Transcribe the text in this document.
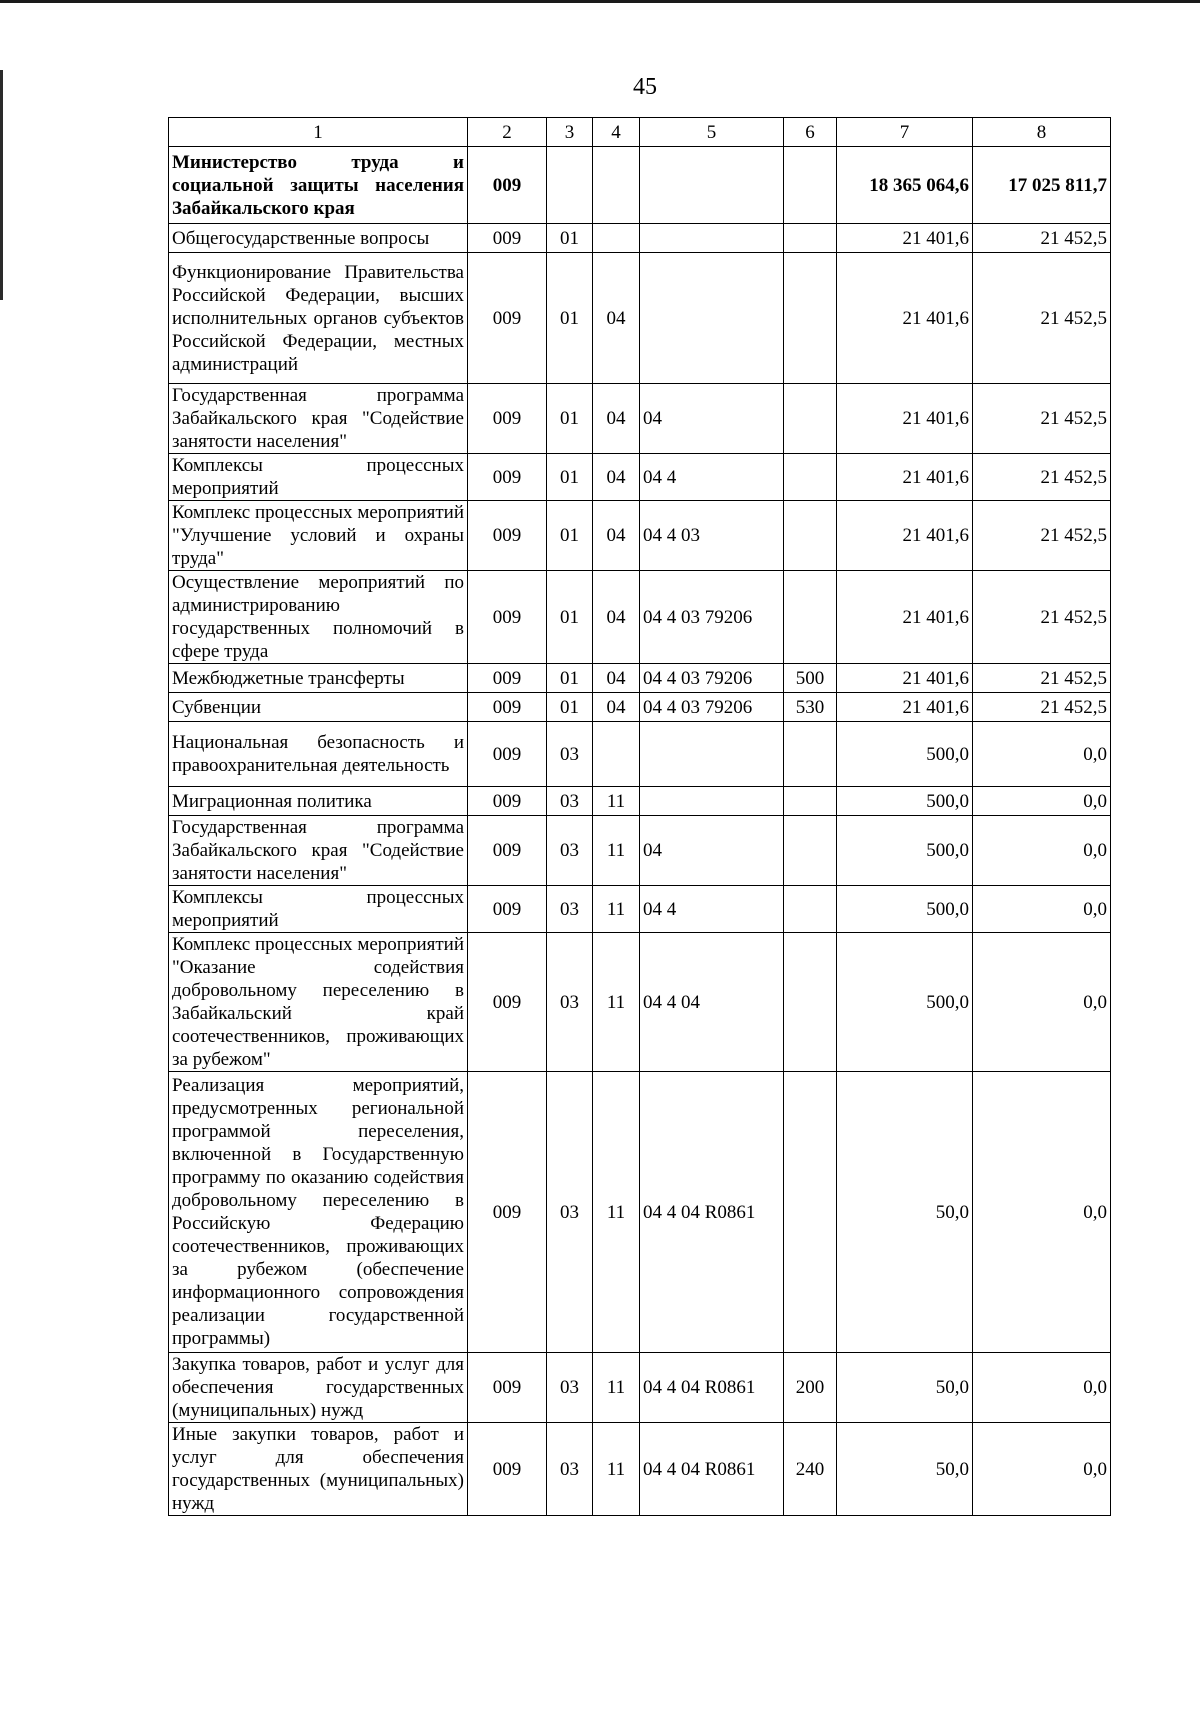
45
1	2	3	4	5	6	7	8
Министерство труда и социальной защиты населения Забайкальского края	009					18 365 064,6	17 025 811,7
Общегосударственные вопросы	009	01				21 401,6	21 452,5
Функционирование Правительства Российской Федерации, высших исполнительных органов субъектов Российской Федерации, местных администраций	009	01	04			21 401,6	21 452,5
Государственная программа Забайкальского края "Содействие занятости населения"	009	01	04	04		21 401,6	21 452,5
Комплексы процессных мероприятий	009	01	04	04 4		21 401,6	21 452,5
Комплекс процессных мероприятий "Улучшение условий и охраны труда"	009	01	04	04 4 03		21 401,6	21 452,5
Осуществление мероприятий по администрированию государственных полномочий в сфере труда	009	01	04	04 4 03 79206		21 401,6	21 452,5
Межбюджетные трансферты	009	01	04	04 4 03 79206	500	21 401,6	21 452,5
Субвенции	009	01	04	04 4 03 79206	530	21 401,6	21 452,5
Национальная безопасность и правоохранительная деятельность	009	03				500,0	0,0
Миграционная политика	009	03	11			500,0	0,0
Государственная программа Забайкальского края "Содействие занятости населения"	009	03	11	04		500,0	0,0
Комплексы процессных мероприятий	009	03	11	04 4		500,0	0,0
Комплекс процессных мероприятий "Оказание содействия добровольному переселению в Забайкальский край соотечественников, проживающих за рубежом"	009	03	11	04 4 04		500,0	0,0
Реализация мероприятий, предусмотренных региональной программой переселения, включенной в Государственную программу по оказанию содействия добровольному переселению в Российскую Федерацию соотечественников, проживающих за рубежом (обеспечение информационного сопровождения реализации государственной программы)	009	03	11	04 4 04 R0861		50,0	0,0
Закупка товаров, работ и услуг для обеспечения государственных (муниципальных) нужд	009	03	11	04 4 04 R0861	200	50,0	0,0
Иные закупки товаров, работ и услуг для обеспечения государственных (муниципальных) нужд	009	03	11	04 4 04 R0861	240	50,0	0,0
